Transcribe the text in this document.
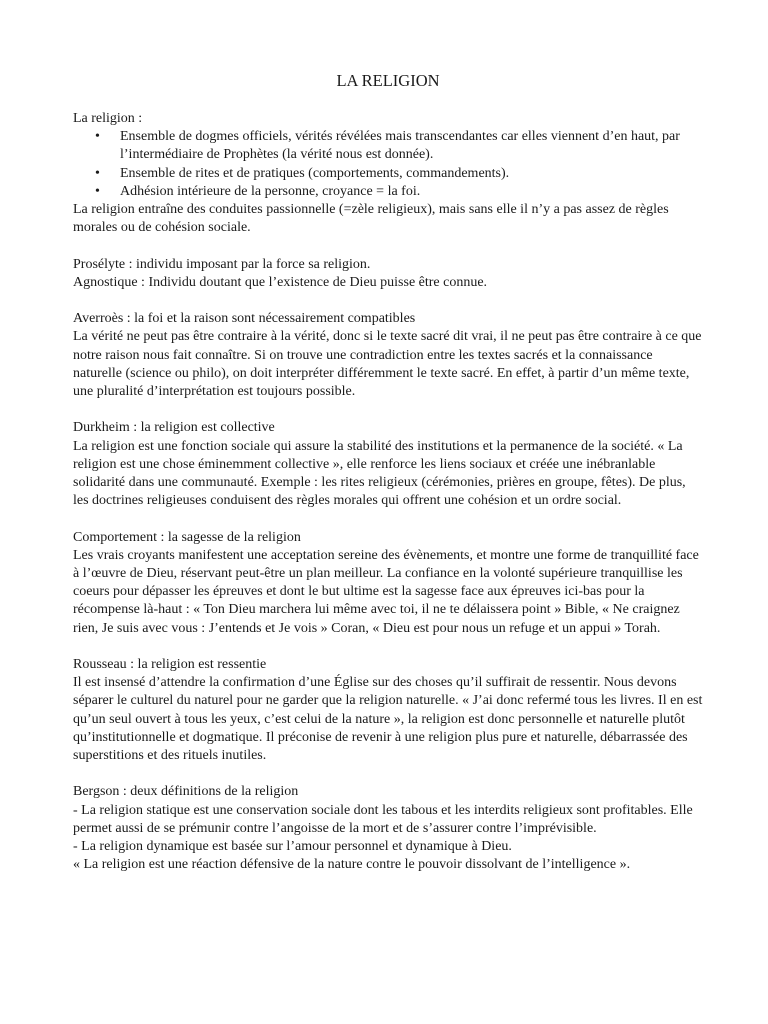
LA RELIGION

La religion :

• Ensemble de dogmes officiels, vérités révélées mais transcendantes car elles viennent d’en haut, par l’intermédiaire de Prophètes (la vérité nous est donnée).
• Ensemble de rites et de pratiques (comportements, commandements).
• Adhésion intérieure de la personne, croyance = la foi.

La religion entraîne des conduites passionnelle (=zèle religieux), mais sans elle il n’y a pas assez de règles morales ou de cohésion sociale.

Prosélyte : individu imposant par la force sa religion.

Agnostique : Individu doutant que l’existence de Dieu puisse être connue.

Averroès : la foi et la raison sont nécessairement compatibles

La vérité ne peut pas être contraire à la vérité, donc si le texte sacré dit vrai, il ne peut pas être contraire à ce que notre raison nous fait connaître. Si on trouve une contradiction entre les textes sacrés et la connaissance naturelle (science ou philo), on doit interpréter différemment le texte sacré. En effet, à partir d’un même texte, une pluralité d’interprétation est toujours possible.

Durkheim : la religion est collective

La religion est une fonction sociale qui assure la stabilité des institutions et la permanence de la société. « La religion est une chose éminemment collective », elle renforce les liens sociaux et créée une inébranlable solidarité dans une communauté. Exemple : les rites religieux (cérémonies, prières en groupe, fêtes). De plus, les doctrines religieuses conduisent des règles morales qui offrent une cohésion et un ordre social.

Comportement : la sagesse de la religion

Les vrais croyants manifestent une acceptation sereine des évènements, et montre une forme de tranquillité face à l’œuvre de Dieu, réservant peut-être un plan meilleur. La confiance en la volonté supérieure tranquillise les coeurs pour dépasser les épreuves et dont le but ultime est la sagesse face aux épreuves ici-bas pour la récompense là-haut : « Ton Dieu marchera lui même avec toi, il ne te délaissera point » Bible, « Ne craignez rien, Je suis avec vous : J’entends et Je vois » Coran, « Dieu est pour nous un refuge et un appui » Torah.

Rousseau : la religion est ressentie

Il est insensé d’attendre la confirmation d’une Église sur des choses qu’il suffirait de ressentir. Nous devons séparer le culturel du naturel pour ne garder que la religion naturelle. « J’ai donc refermé tous les livres. Il en est qu’un seul ouvert à tous les yeux, c’est celui de la nature », la religion est donc personnelle et naturelle plutôt qu’institutionnelle et dogmatique. Il préconise de revenir à une religion plus pure et naturelle, débarrassée des superstitions et des rituels inutiles.

Bergson : deux définitions de la religion

- La religion statique est une conservation sociale dont les tabous et les interdits religieux sont profitables. Elle permet aussi de se prémunir contre l’angoisse de la mort et de s’assurer contre l’imprévisible.

- La religion dynamique est basée sur l’amour personnel et dynamique à Dieu.

« La religion est une réaction défensive de la nature contre le pouvoir dissolvant de l’intelligence ».
